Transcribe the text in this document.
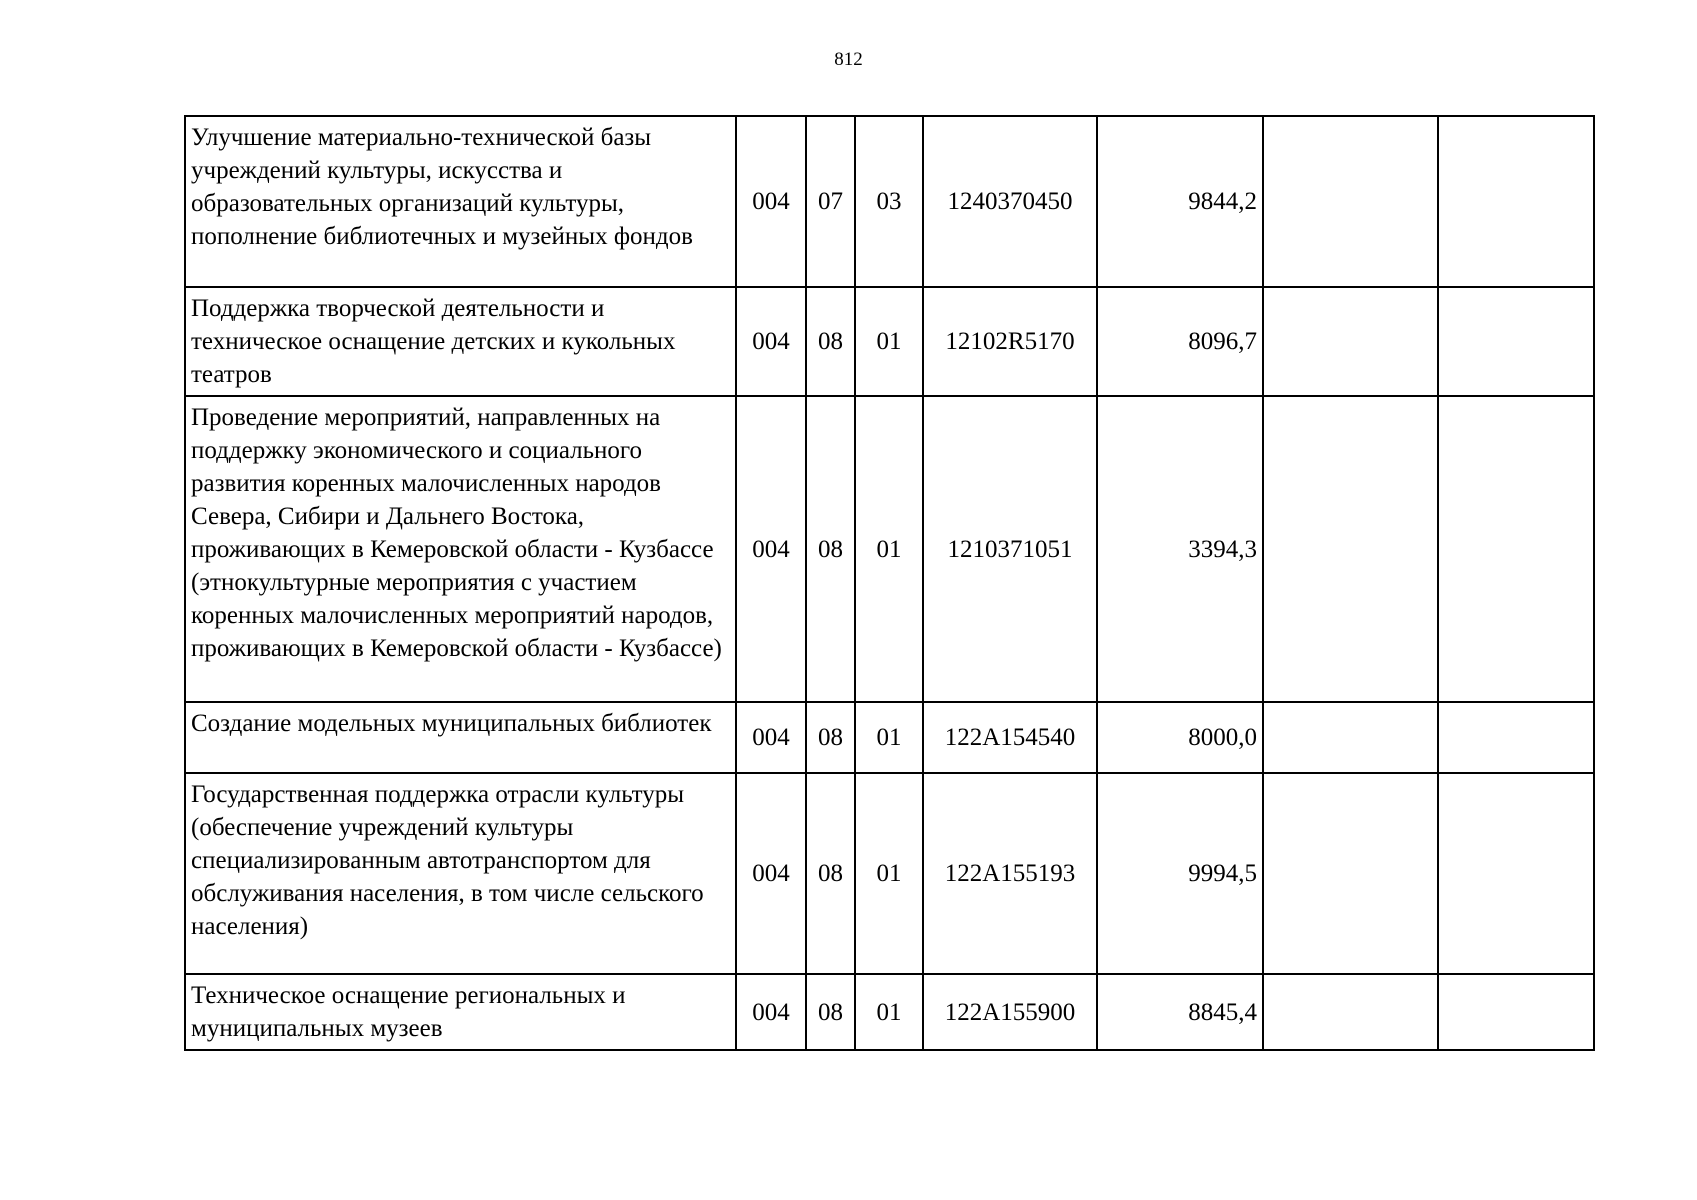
812
Улучшение материально-технической базы учреждений культуры, искусства и образовательных организаций культуры, пополнение библиотечных и музейных фондов	004	07	03	1240370450	9844,2		
Поддержка творческой деятельности и техническое оснащение детских и кукольных театров	004	08	01	12102R5170	8096,7		
Проведение мероприятий, направленных на поддержку экономического и социального развития коренных малочисленных народов Севера, Сибири и Дальнего Востока, проживающих в Кемеровской области - Кузбассе (этнокультурные мероприятия с участием коренных малочисленных мероприятий народов, проживающих в Кемеровской области - Кузбассе)	004	08	01	1210371051	3394,3		
Создание модельных муниципальных библиотек	004	08	01	122A154540	8000,0		
Государственная поддержка отрасли культуры (обеспечение учреждений культуры специализированным автотранспортом для обслуживания населения, в том числе сельского населения)	004	08	01	122A155193	9994,5		
Техническое оснащение региональных и муниципальных музеев	004	08	01	122A155900	8845,4		
